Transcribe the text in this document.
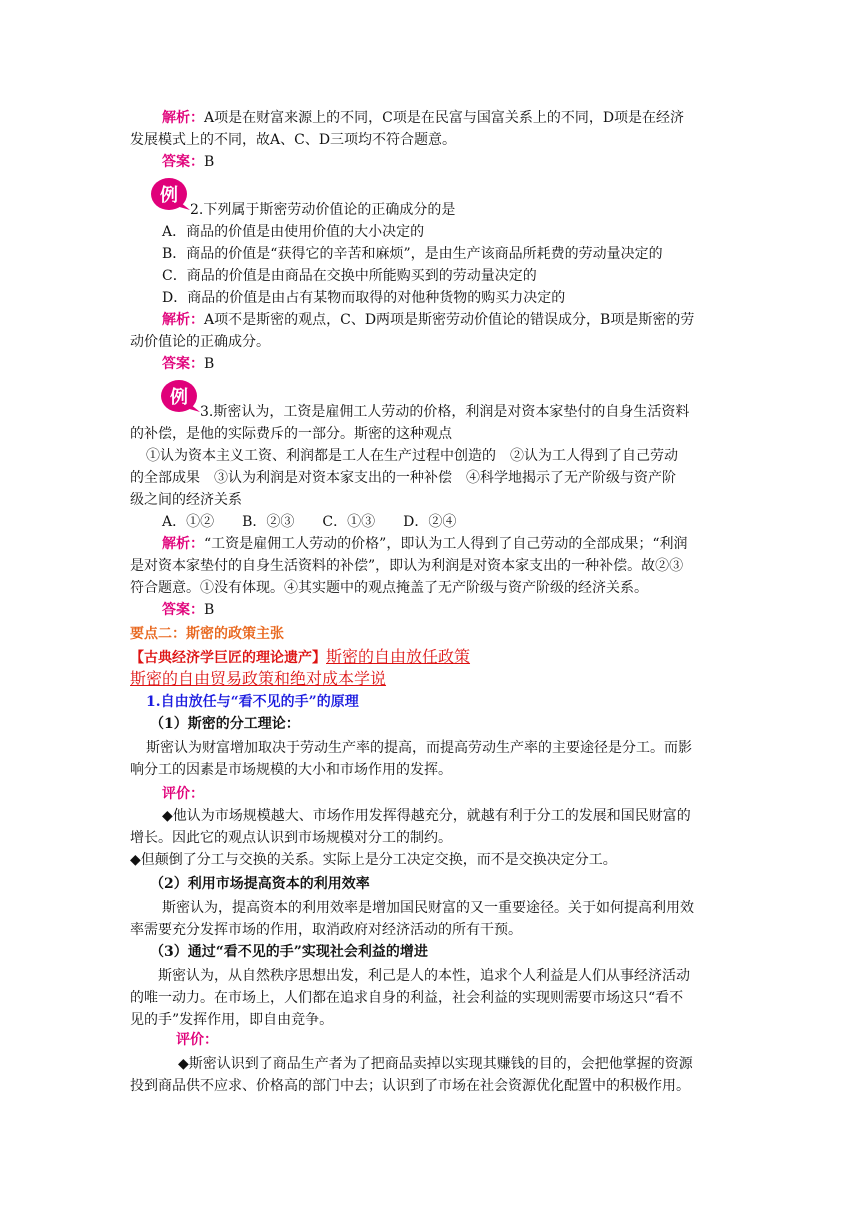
解析：A项是在财富来源上的不同，C项是在民富与国富关系上的不同，D项是在经济
发展模式上的不同，故A、C、D三项均不符合题意。
答案：B
例
2.下列属于斯密劳动价值论的正确成分的是
A．商品的价值是由使用价值的大小决定的
B．商品的价值是“获得它的辛苦和麻烦”，是由生产该商品所耗费的劳动量决定的
C．商品的价值是由商品在交换中所能购买到的劳动量决定的
D．商品的价值是由占有某物而取得的对他种货物的购买力决定的
解析：A项不是斯密的观点，C、D两项是斯密劳动价值论的错误成分，B项是斯密的劳
动价值论的正确成分。
答案：B
例
3.斯密认为，工资是雇佣工人劳动的价格，利润是对资本家垫付的自身生活资料
的补偿，是他的实际费斥的一部分。斯密的这种观点
①认为资本主义工资、利润都是工人在生产过程中创造的　②认为工人得到了自己劳动
的全部成果　③认为利润是对资本家支出的一种补偿　④科学地揭示了无产阶级与资产阶
级之间的经济关系
A．①②　　B．②③　　C．①③　　D．②④
解析：“工资是雇佣工人劳动的价格”，即认为工人得到了自己劳动的全部成果；“利润
是对资本家垫付的自身生活资料的补偿”，即认为利润是对资本家支出的一种补偿。故②③
符合题意。①没有体现。④其实题中的观点掩盖了无产阶级与资产阶级的经济关系。
答案：B
要点二：斯密的政策主张
【古典经济学巨匠的理论遗产】斯密的自由放任政策
斯密的自由贸易政策和绝对成本学说
1.自由放任与“看不见的手”的原理
（1）斯密的分工理论：
斯密认为财富增加取决于劳动生产率的提高，而提高劳动生产率的主要途径是分工。而影
响分工的因素是市场规模的大小和市场作用的发挥。
评价：
◆他认为市场规模越大、市场作用发挥得越充分，就越有利于分工的发展和国民财富的
增长。因此它的观点认识到市场规模对分工的制约。
◆但颠倒了分工与交换的关系。实际上是分工决定交换，而不是交换决定分工。
（2）利用市场提高资本的利用效率
斯密认为，提高资本的利用效率是增加国民财富的又一重要途径。关于如何提高利用效
率需要充分发挥市场的作用，取消政府对经济活动的所有干预。
（3）通过“看不见的手”实现社会利益的增进
斯密认为，从自然秩序思想出发，利己是人的本性，追求个人利益是人们从事经济活动
的唯一动力。在市场上，人们都在追求自身的利益，社会利益的实现则需要市场这只“看不
见的手”发挥作用，即自由竞争。
评价：
◆斯密认识到了商品生产者为了把商品卖掉以实现其赚钱的目的，会把他掌握的资源
投到商品供不应求、价格高的部门中去；认识到了市场在社会资源优化配置中的积极作用。
